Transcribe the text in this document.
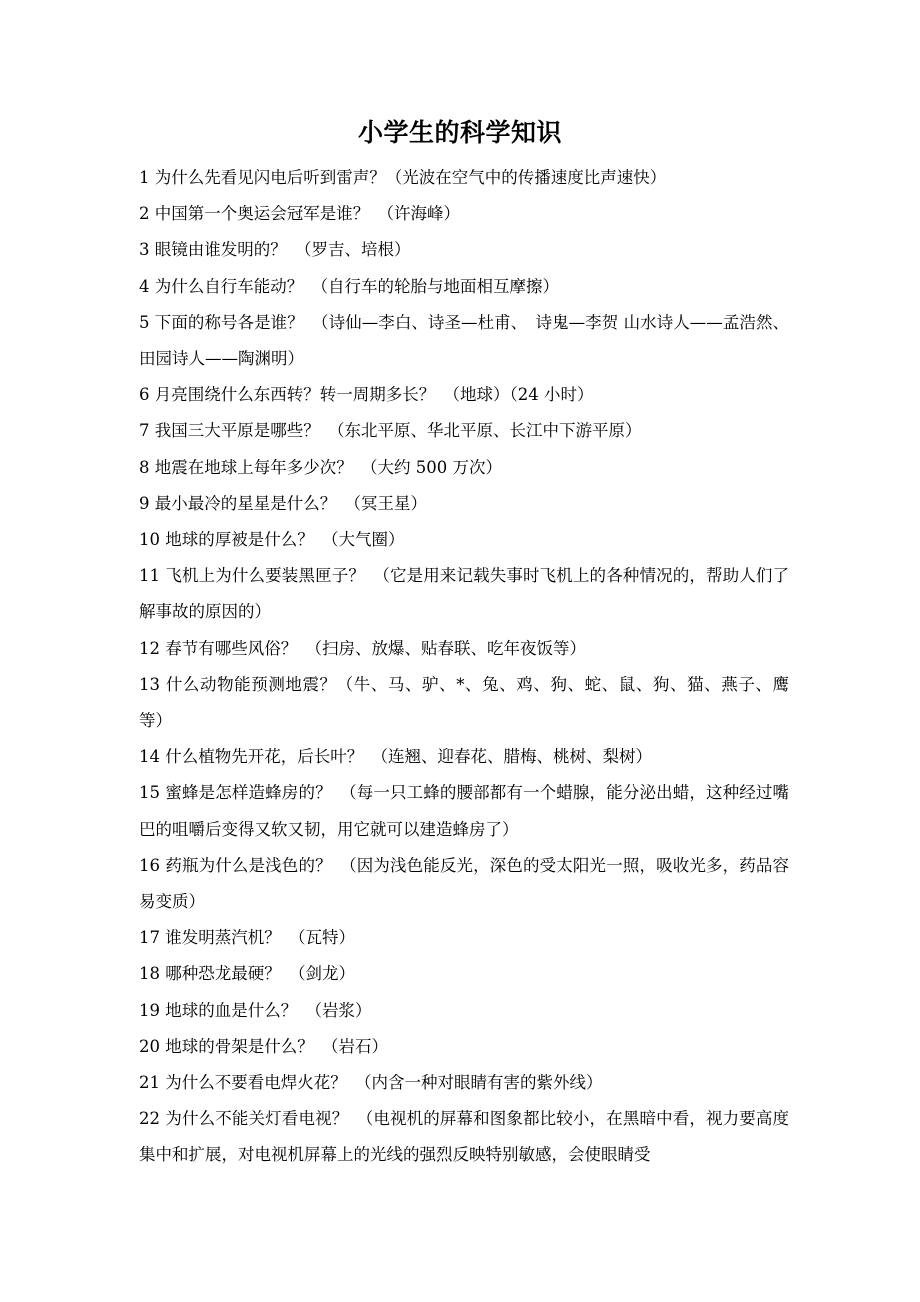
小学生的科学知识

1 为什么先看见闪电后听到雷声？（光波在空气中的传播速度比声速快）

2 中国第一个奥运会冠军是谁？　（许海峰）

3 眼镜由谁发明的？　（罗吉、培根）

4 为什么自行车能动？　（自行车的轮胎与地面相互摩擦）

5 下面的称号各是谁？　（诗仙—李白、诗圣—杜甫、　诗鬼—李贺 山水诗人——孟浩然、田园诗人——陶渊明）

6 月亮围绕什么东西转？转一周期多长？　（地球）（24 小时）

7 我国三大平原是哪些？　（东北平原、华北平原、长江中下游平原）

8 地震在地球上每年多少次？　（大约 500 万次）

9 最小最冷的星星是什么？　（冥王星）

10 地球的厚被是什么？　（大气圈）

11 飞机上为什么要装黑匣子？　（它是用来记载失事时飞机上的各种情况的，帮助人们了解事故的原因的）

12 春节有哪些风俗？　（扫房、放爆、贴春联、吃年夜饭等）

13 什么动物能预测地震？（牛、马、驴、*、兔、鸡、狗、蛇、鼠、狗、猫、燕子、鹰等）

14 什么植物先开花，后长叶？　（连翘、迎春花、腊梅、桃树、梨树）

15 蜜蜂是怎样造蜂房的？　（每一只工蜂的腰部都有一个蜡腺，能分泌出蜡，这种经过嘴巴的咀嚼后变得又软又韧，用它就可以建造蜂房了）

16 药瓶为什么是浅色的？　（因为浅色能反光，深色的受太阳光一照，吸收光多，药品容易变质）

17 谁发明蒸汽机？　（瓦特）

18 哪种恐龙最硬？　（剑龙）

19 地球的血是什么？　（岩浆）

20 地球的骨架是什么？　（岩石）

21 为什么不要看电焊火花？　（内含一种对眼睛有害的紫外线）

22 为什么不能关灯看电视？　（电视机的屏幕和图象都比较小，在黑暗中看，视力要高度集中和扩展，对电视机屏幕上的光线的强烈反映特别敏感，会使眼睛受
